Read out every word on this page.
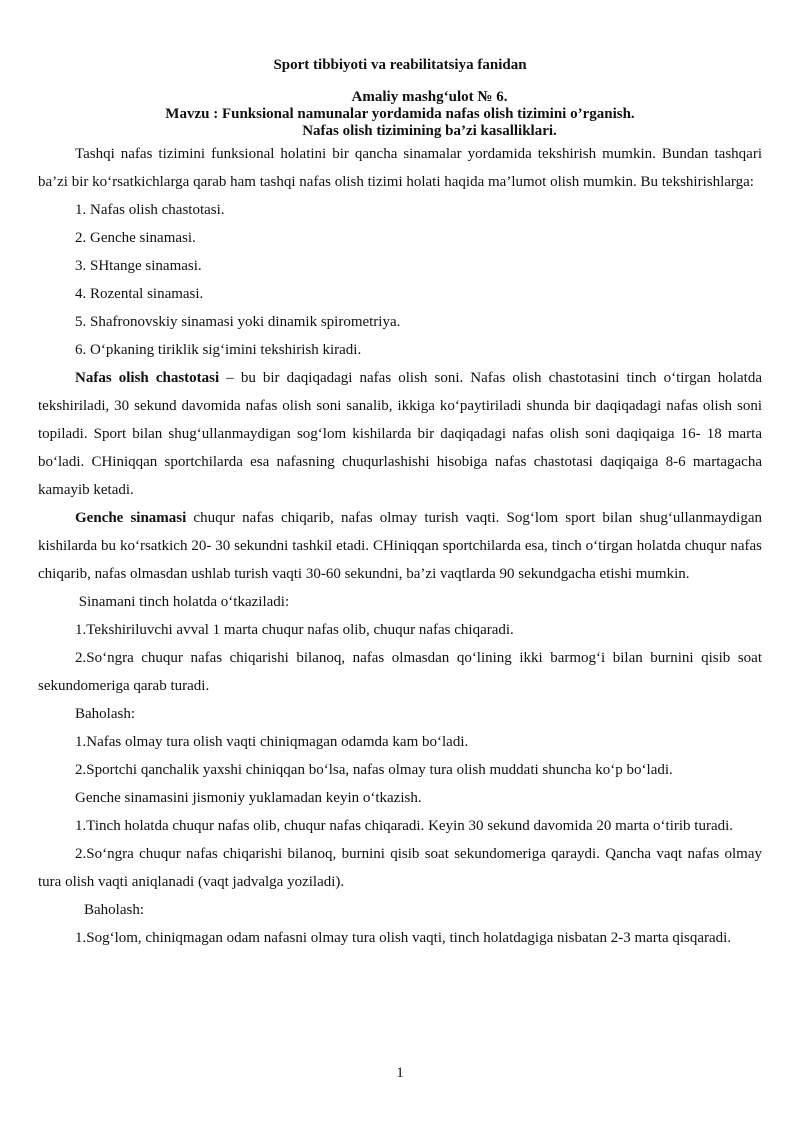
Sport tibbiyoti va reabilitatsiya fanidan
Amaliy mashg‘ulot № 6.
Mavzu : Funksional namunalar yordamida nafas olish tizimini o’rganish.
Nafas olish tizimining ba’zi kasalliklari.

Tashqi nafas tizimini funksional holatini bir qancha sinamalar yordamida tekshirish mumkin. Bundan tashqari ba’zi bir ko‘rsatkichlarga qarab ham tashqi nafas olish tizimi holati haqida ma’lumot olish mumkin. Bu tekshirishlarga:

1. Nafas olish chastotasi.
2. Genche sinamasi.
3. SHtange sinamasi.
4. Rozental sinamasi.
5. Shafronovskiy sinamasi yoki dinamik spirometriya.
6. O‘pkaning tiriklik sig‘imini tekshirish kiradi.

Nafas olish chastotasi – bu bir daqiqadagi nafas olish soni. Nafas olish chastotasini tinch o‘tirgan holatda tekshiriladi, 30 sekund davomida nafas olish soni sanalib, ikkiga ko‘paytiriladi shunda bir daqiqadagi nafas olish soni topiladi. Sport bilan shug‘ullanmaydigan sog‘lom kishilarda bir daqiqadagi nafas olish soni daqiqaiga 16- 18 marta bo‘ladi. CHiniqqan sportchilarda esa nafasning chuqurlashishi hisobiga nafas chastotasi daqiqaiga 8-6 martagacha kamayib ketadi.

Genche sinamasi chuqur nafas chiqarib, nafas olmay turish vaqti. Sog‘lom sport bilan shug‘ullanmaydigan kishilarda bu ko‘rsatkich 20- 30 sekundni tashkil etadi. CHiniqqan sportchilarda esa, tinch o‘tirgan holatda chuqur nafas chiqarib, nafas olmasdan ushlab turish vaqti 30-60 sekundni, ba’zi vaqtlarda 90 sekundgacha etishi mumkin.

Sinamani tinch holatda o‘tkaziladi:

1.Tekshiriluvchi avval 1 marta chuqur nafas olib, chuqur nafas chiqaradi.

2.So‘ngra chuqur nafas chiqarishi bilanoq, nafas olmasdan qo‘lining ikki barmog‘i bilan burnini qisib soat sekundomeriga qarab turadi.

Baholash:

1.Nafas olmay tura olish vaqti chiniqmagan odamda kam bo‘ladi.

2.Sportchi qanchalik yaxshi chiniqqan bo‘lsa, nafas olmay tura olish muddati shuncha ko‘p bo‘ladi.

Genche sinamasini jismoniy yuklamadan keyin o‘tkazish.

1.Tinch holatda chuqur nafas olib, chuqur nafas chiqaradi. Keyin 30 sekund davomida 20 marta o‘tirib turadi.

2.So‘ngra chuqur nafas chiqarishi bilanoq, burnini qisib soat sekundomeriga qaraydi. Qancha vaqt nafas olmay tura olish vaqti aniqlanadi (vaqt jadvalga yoziladi).

Baholash:

1.Sog‘lom, chiniqmagan odam nafasni olmay tura olish vaqti, tinch holatdagiga nisbatan 2-3 marta qisqaradi.

1
